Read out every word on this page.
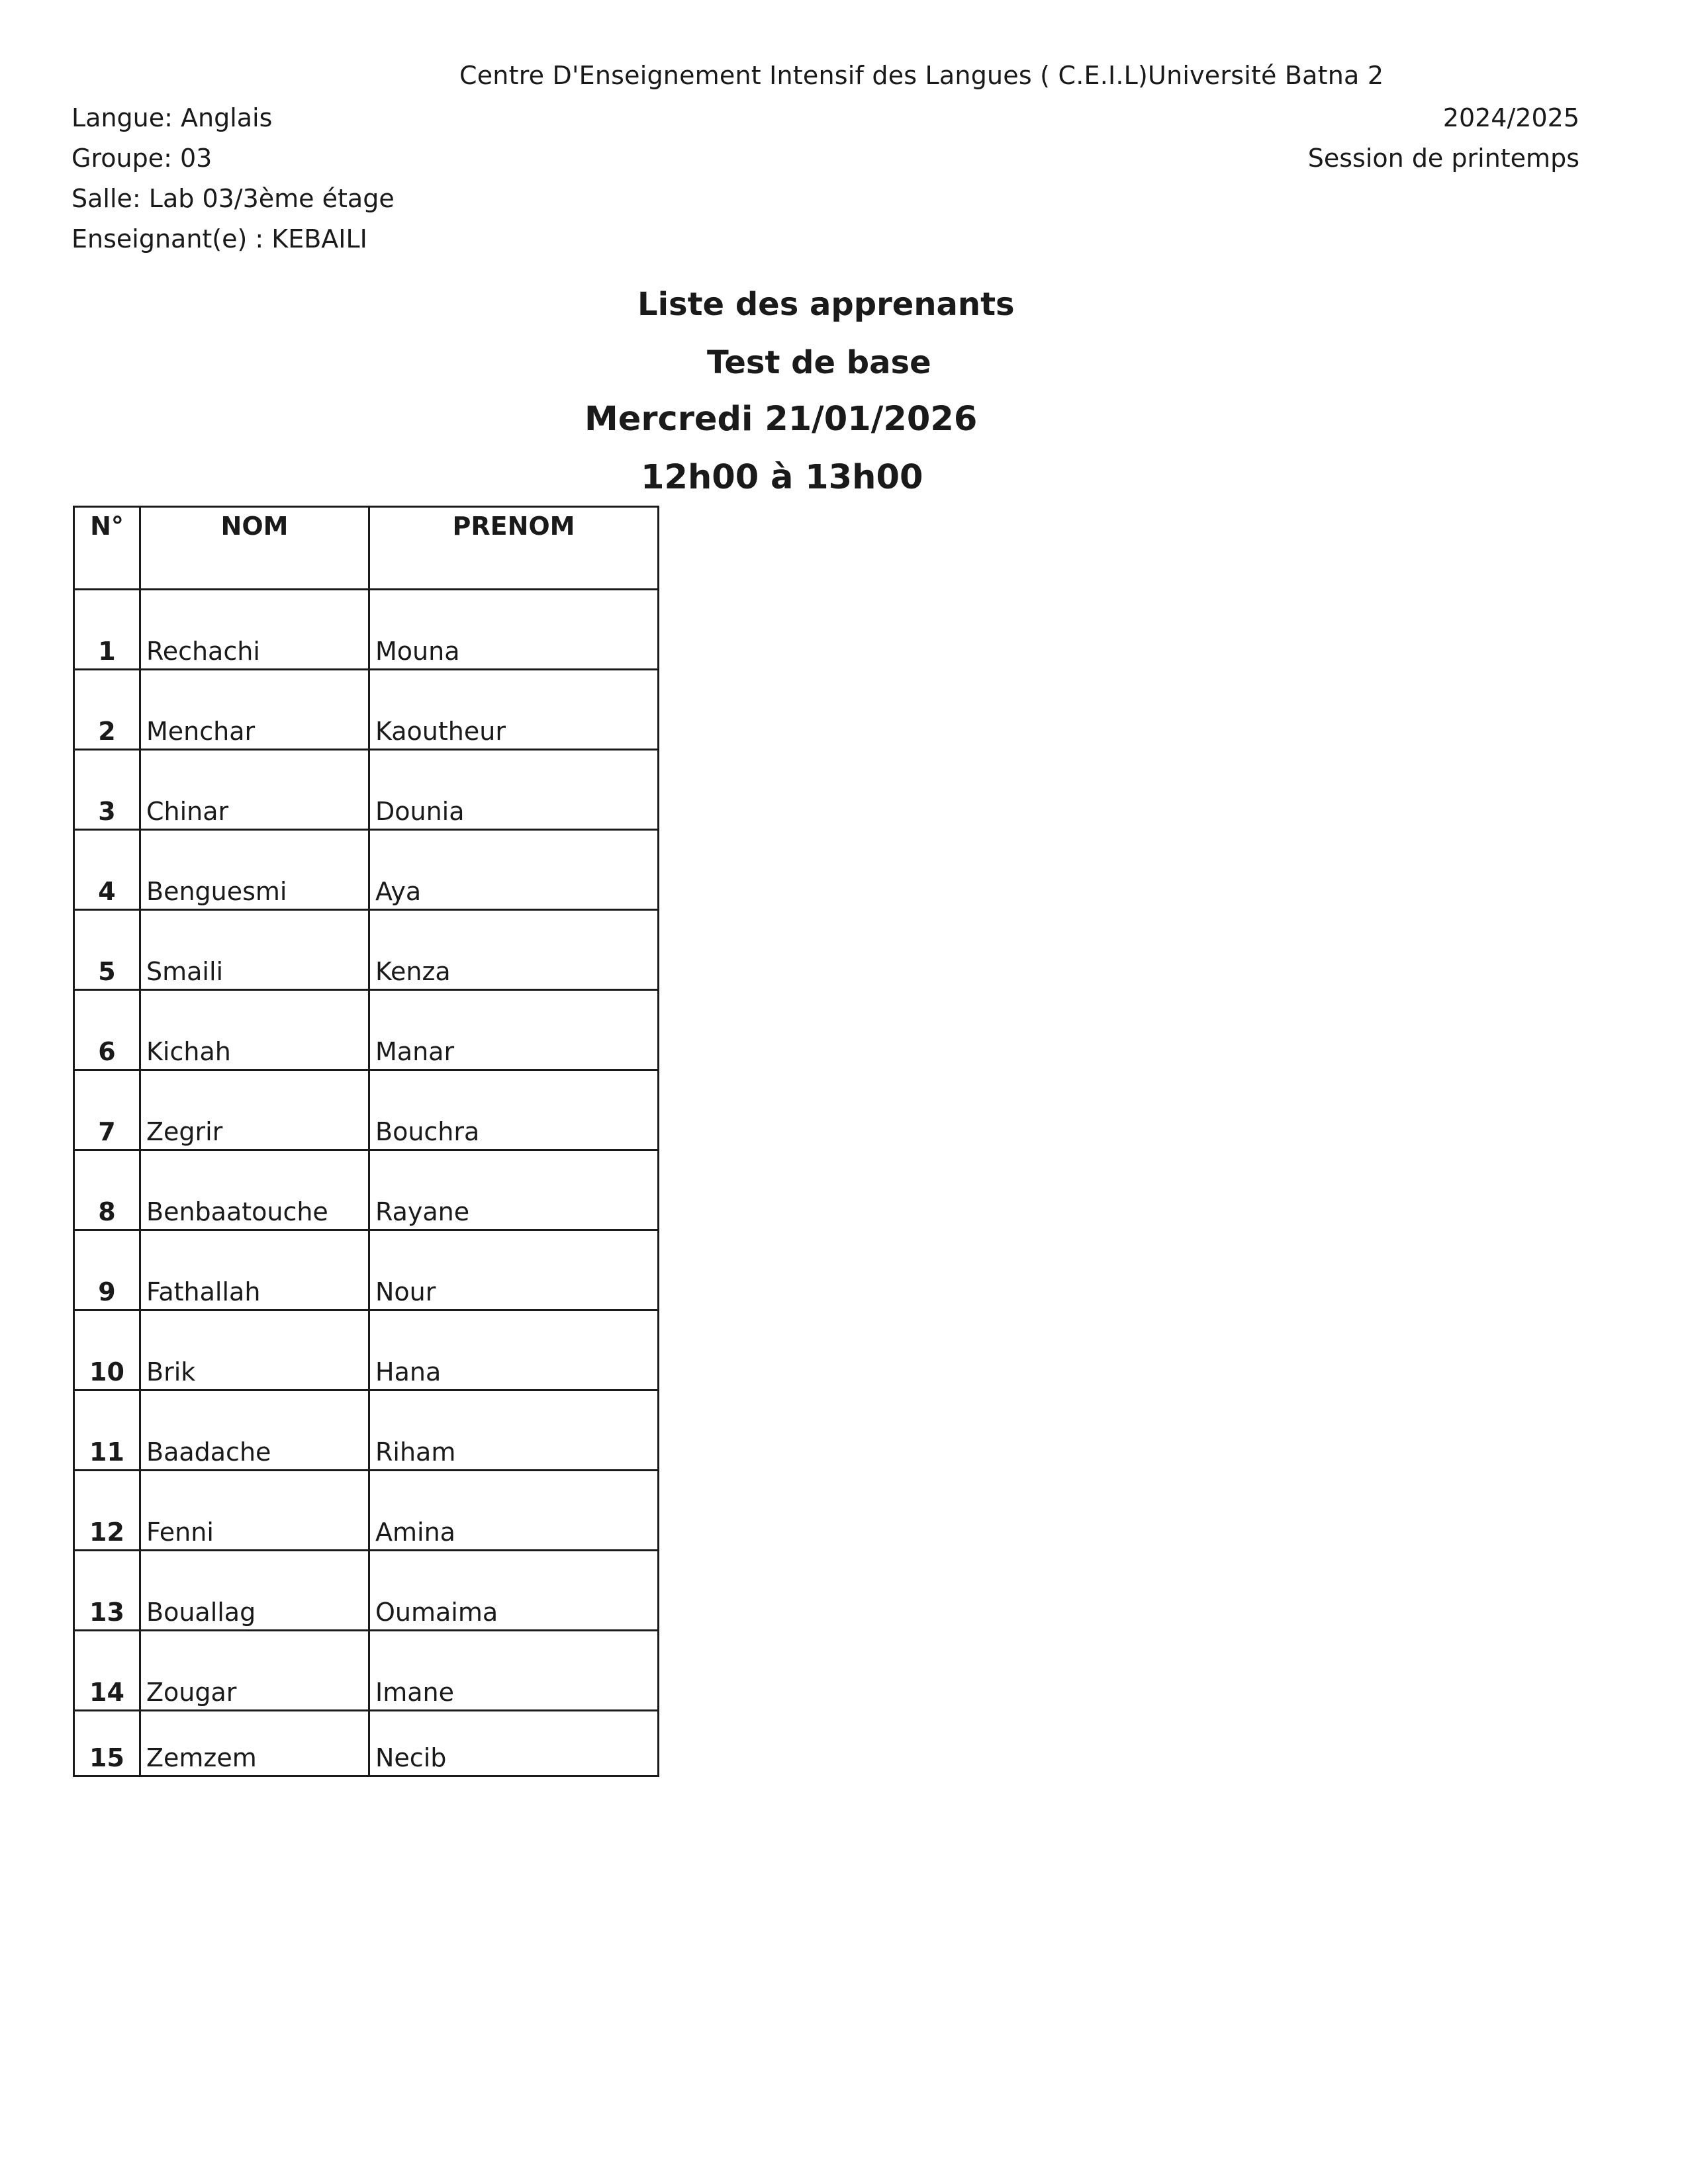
Centre D'Enseignement Intensif des Langues ( C.E.I.L)Université Batna 2
Langue: Anglais
Groupe: 03
Salle: Lab 03/3ème étage
Enseignant(e) : KEBAILI
2024/2025
Session de printemps
Liste des apprenants
Test de base
Mercredi 21/01/2026
12h00 à 13h00
N°	NOM	PRENOM
1	Rechachi	Mouna
2	Menchar	Kaoutheur
3	Chinar	Dounia
4	Benguesmi	Aya
5	Smaili	Kenza
6	Kichah	Manar
7	Zegrir	Bouchra
8	Benbaatouche	Rayane
9	Fathallah	Nour
10	Brik	Hana
11	Baadache	Riham
12	Fenni	Amina
13	Bouallag	Oumaima
14	Zougar	Imane
15	Zemzem	Necib
